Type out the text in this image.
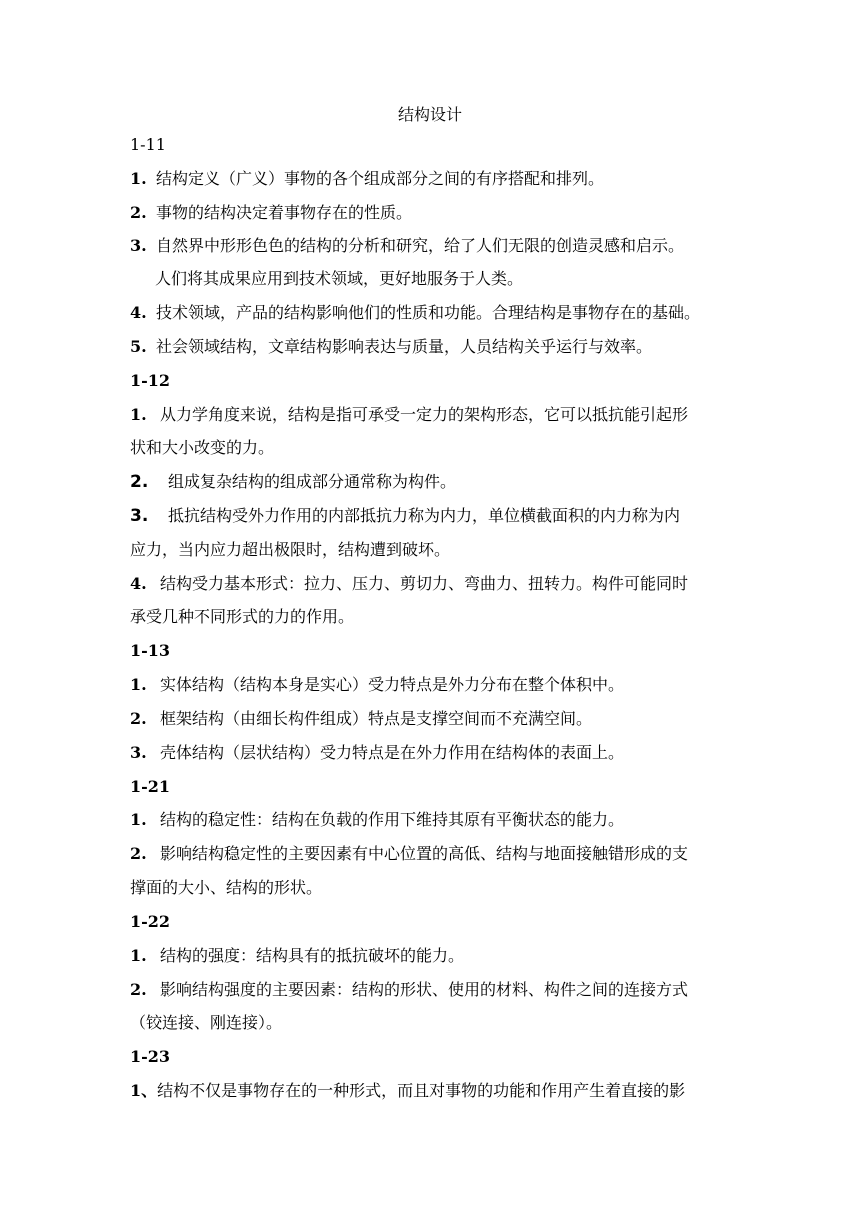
结构设计
1-11
1. 结构定义（广义）事物的各个组成部分之间的有序搭配和排列。
2. 事物的结构决定着事物存在的性质。
3. 自然界中形形色色的结构的分析和研究，给了人们无限的创造灵感和启示。
人们将其成果应用到技术领域，更好地服务于人类。
4. 技术领域，产品的结构影响他们的性质和功能。合理结构是事物存在的基础。
5. 社会领域结构，文章结构影响表达与质量，人员结构关乎运行与效率。
1-12
1. 从力学角度来说，结构是指可承受一定力的架构形态，它可以抵抗能引起形
状和大小改变的力。
2. 组成复杂结构的组成部分通常称为构件。
3. 抵抗结构受外力作用的内部抵抗力称为内力，单位横截面积的内力称为内
应力，当内应力超出极限时，结构遭到破坏。
4. 结构受力基本形式：拉力、压力、剪切力、弯曲力、扭转力。构件可能同时
承受几种不同形式的力的作用。
1-13
1. 实体结构（结构本身是实心）受力特点是外力分布在整个体积中。
2. 框架结构（由细长构件组成）特点是支撑空间而不充满空间。
3. 壳体结构（层状结构）受力特点是在外力作用在结构体的表面上。
1-21
1. 结构的稳定性：结构在负载的作用下维持其原有平衡状态的能力。
2. 影响结构稳定性的主要因素有中心位置的高低、结构与地面接触错形成的支
撑面的大小、结构的形状。
1-22
1. 结构的强度：结构具有的抵抗破坏的能力。
2. 影响结构强度的主要因素：结构的形状、使用的材料、构件之间的连接方式
（铰连接、刚连接）。
1-23
1、结构不仅是事物存在的一种形式，而且对事物的功能和作用产生着直接的影
